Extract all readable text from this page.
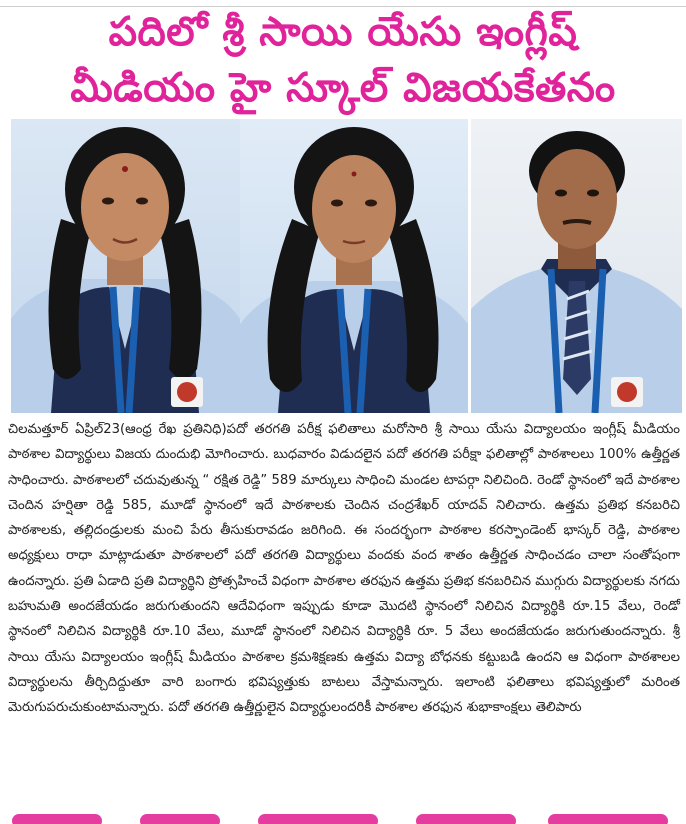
పదిలో శ్రీ సాయి యేసు ఇంగ్లీష్
మీడియం హై స్కూల్ విజయకేతనం
చిలమత్తూర్ ఏప్రిల్23(ఆంధ్ర రేఖ ప్రతినిధి)పదో తరగతి పరీక్ష ఫలితాలు మరోసారి శ్రీ సాయి యేసు విద్యాలయం ఇంగ్లీష్ మీడియం పాఠశాల విద్యార్థులు విజయ దుందుభి మోగించారు. బుధవారం విడుదలైన పదో తరగతి పరీక్షా ఫలితాల్లో పాఠశాలలు 100% ఉత్తీర్ణత సాధించారు. పాఠశాలలో చదువుతున్న “ రక్షిత రెడ్డి” 589 మార్కులు సాధించి మండల టాపర్గా నిలిచింది. రెండో స్థానంలో ఇదే పాఠశాల చెందిన హర్షితా రెడ్డి 585, మూడో స్థానంలో ఇదే పాఠశాలకు చెందిన చంద్రశేఖర్ యాదవ్ నిలిచారు. ఉత్తమ ప్రతిభ కనబరిచి పాఠశాలకు, తల్లిదండ్రులకు మంచి పేరు తీసుకురావడం జరిగింది. ఈ సందర్భంగా పాఠశాల కరస్పాండెంట్ భాస్కర్ రెడ్డి, పాఠశాల అధ్యక్షులు రాధా మాట్లాడుతూ పాఠశాలలో పదో తరగతి విద్యార్థులు వందకు వంద శాతం ఉత్తీర్ణత సాధించడం చాలా సంతోషంగా ఉందన్నారు. ప్రతి ఏడాది ప్రతి విద్యార్థిని ప్రోత్సహించే విధంగా పాఠశాల తరఫున ఉత్తమ ప్రతిభ కనబరిచిన ముగ్గురు విద్యార్థులకు నగదు బహుమతి అందజేయడం జరుగుతుందని ఆదేవిధంగా ఇప్పుడు కూడా మొదటి స్థానంలో నిలిచిన విద్యార్థికి రూ.15 వేలు, రెండో స్థానంలో నిలిచిన విద్యార్థికి రూ.10 వేలు, మూడో స్థానంలో నిలిచిన విద్యార్థికి రూ. 5 వేలు అందజేయడం జరుగుతుందన్నారు. శ్రీ సాయి యేసు విద్యాలయం ఇంగ్లీష్ మీడియం పాఠశాల క్రమశిక్షణకు ఉత్తమ విద్యా బోధనకు కట్టుబడి ఉందని ఆ విధంగా పాఠశాలల విద్యార్థులను తీర్చిదిద్దుతూ వారి బంగారు భవిష్యత్తుకు బాటలు వేస్తామన్నారు. ఇలాంటి ఫలితాలు భవిష్యత్తులో మరింత మెరుగుపరుచుకుంటామన్నారు. పదో తరగతి ఉత్తీర్ణులైన విద్యార్థులందరికీ పాఠశాల తరఫున శుభాకాంక్షలు తెలిపారు
